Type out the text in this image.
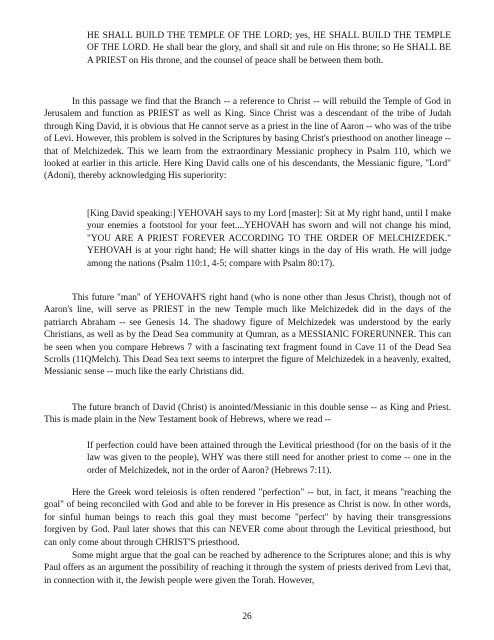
HE SHALL BUILD THE TEMPLE OF THE LORD; yes, HE SHALL BUILD THE TEMPLE OF THE LORD. He shall bear the glory, and shall sit and rule on His throne; so He SHALL BE A PRIEST on His throne, and the counsel of peace shall be between them both.

In this passage we find that the Branch -- a reference to Christ -- will rebuild the Temple of God in Jerusalem and function as PRIEST as well as King. Since Christ was a descendant of the tribe of Judah through King David, it is obvious that He cannot serve as a priest in the line of Aaron -- who was of the tribe of Levi. However, this problem is solved in the Scriptures by basing Christ's priesthood on another lineage -- that of Melchizedek. This we learn from the extraordinary Messianic prophecy in Psalm 110, which we looked at earlier in this article. Here King David calls one of his descendants, the Messianic figure, "Lord" (Adoni), thereby acknowledging His superiority:

[King David speaking:] YEHOVAH says to my Lord [master]: Sit at My right hand, until I make your enemies a footstool for your feet....YEHOVAH has sworn and will not change his mind, "YOU ARE A PRIEST FOREVER ACCORDING TO THE ORDER OF MELCHIZEDEK." YEHOVAH is at your right hand; He will shatter kings in the day of His wrath. He will judge among the nations (Psalm 110:1, 4-5; compare with Psalm 80:17).

This future "man" of YEHOVAH'S right hand (who is none other than Jesus Christ), though not of Aaron's line, will serve as PRIEST in the new Temple much like Melchizedek did in the days of the patriarch Abraham -- see Genesis 14. The shadowy figure of Melchizedek was understood by the early Christians, as well as by the Dead Sea community at Qumran, as a MESSIANIC FORERUNNER. This can be seen when you compare Hebrews 7 with a fascinating text fragment found in Cave 11 of the Dead Sea Scrolls (11QMelch). This Dead Sea text seems to interpret the figure of Melchizedek in a heavenly, exalted, Messianic sense -- much like the early Christians did.

The future branch of David (Christ) is anointed/Messianic in this double sense -- as King and Priest. This is made plain in the New Testament book of Hebrews, where we read --

If perfection could have been attained through the Levitical priesthood (for on the basis of it the law was given to the people), WHY was there still need for another priest to come -- one in the order of Melchizedek, not in the order of Aaron? (Hebrews 7:11).

Here the Greek word teleiosis is often rendered "perfection" -- but, in fact, it means "reaching the goal" of being reconciled with God and able to be forever in His presence as Christ is now. In other words, for sinful human beings to reach this goal they must become "perfect" by having their transgressions forgiven by God. Paul later shows that this can NEVER come about through the Levitical priesthood, but can only come about through CHRIST'S priesthood.

Some might argue that the goal can be reached by adherence to the Scriptures alone; and this is why Paul offers as an argument the possibility of reaching it through the system of priests derived from Levi that, in connection with it, the Jewish people were given the Torah. However,

26
